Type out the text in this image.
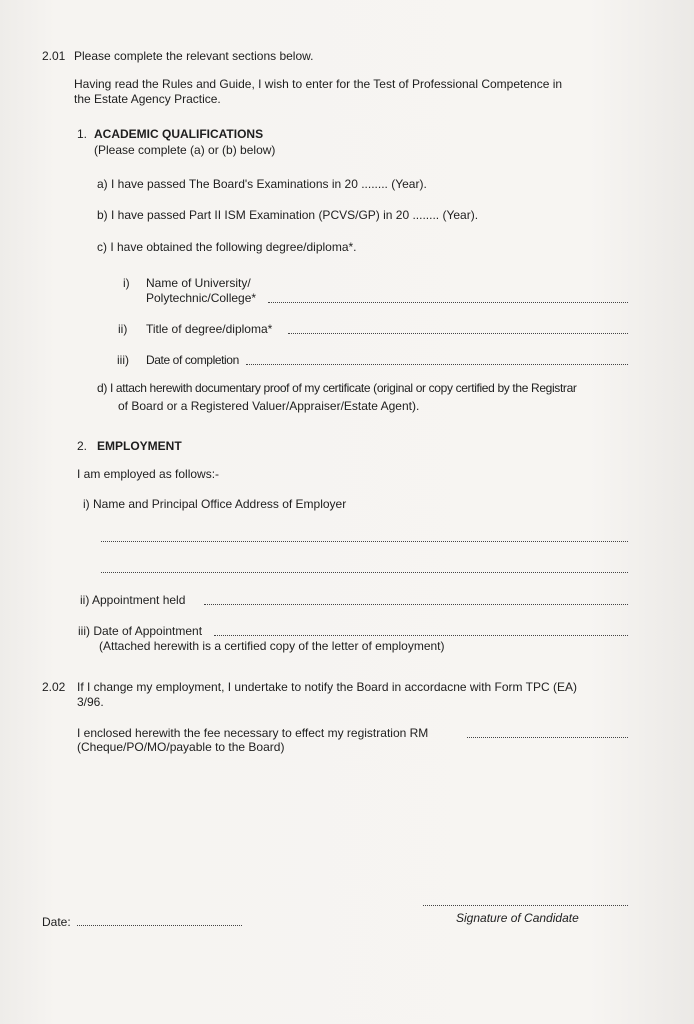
2.01 Please complete the relevant sections below.
Having read the Rules and Guide, I wish to enter for the Test of Professional Competence in
the Estate Agency Practice.
1. ACADEMIC QUALIFICATIONS
(Please complete (a) or (b) below)
a) I have passed The Board's Examinations in 20 ........ (Year).
b) I have passed Part II ISM Examination (PCVS/GP) in 20 ........ (Year).
c) I have obtained the following degree/diploma*.
i) Name of University/
Polytechnic/College*
ii) Title of degree/diploma*
iii) Date of completion
d) I attach herewith documentary proof of my certificate (original or copy certified by the Registrar
of Board or a Registered Valuer/Appraiser/Estate Agent).
2. EMPLOYMENT
I am employed as follows:-
i) Name and Principal Office Address of Employer
ii) Appointment held
iii) Date of Appointment
(Attached herewith is a certified copy of the letter of employment)
2.02 If I change my employment, I undertake to notify the Board in accordacne with Form TPC (EA)
3/96.
I enclosed herewith the fee necessary to effect my registration RM
(Cheque/PO/MO/payable to the Board)
Signature of Candidate
Date:
